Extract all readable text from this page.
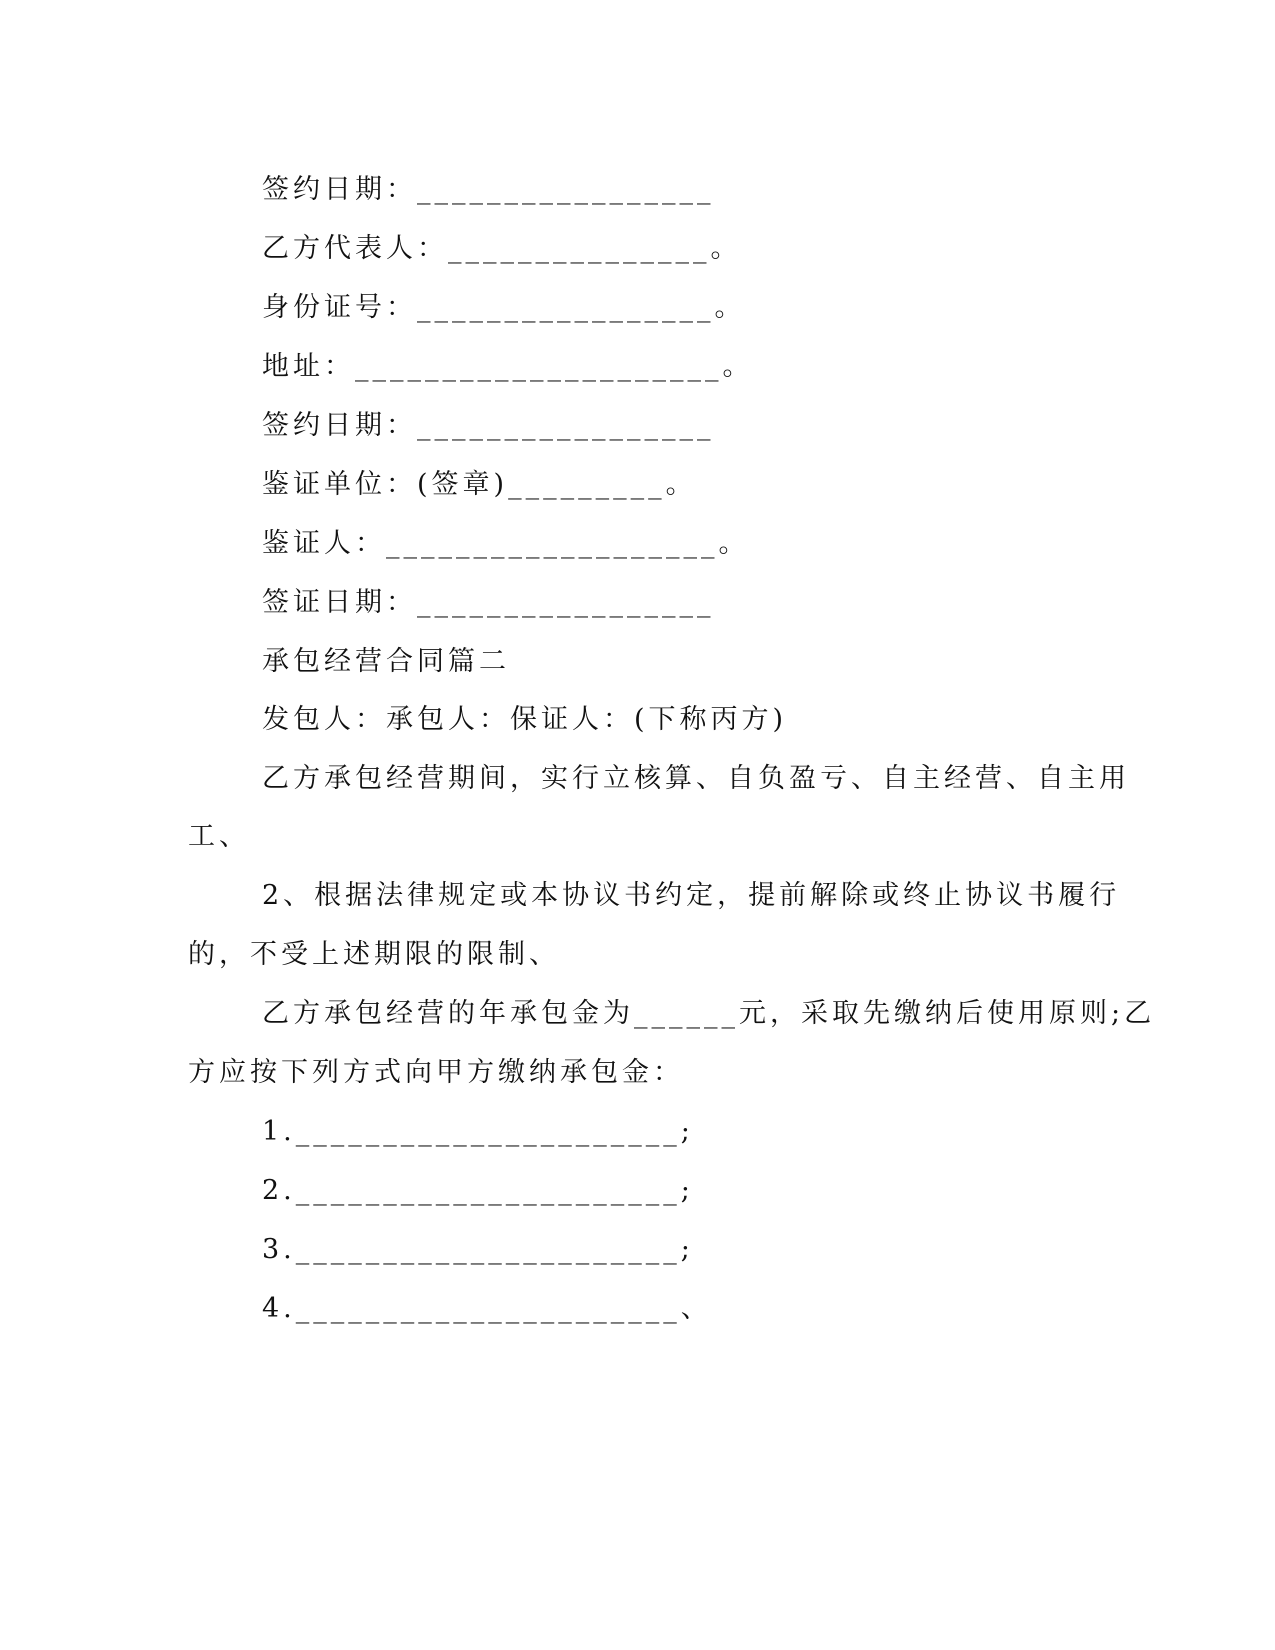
签约日期：_________________
乙方代表人：_______________。
身份证号：_________________。
地址：_____________________。
签约日期：_________________
鉴证单位：(签章)_________。
鉴证人：___________________。
签证日期：_________________
承包经营合同篇二
发包人：承包人：保证人：(下称丙方)
乙方承包经营期间，实行立核算、自负盈亏、自主经营、自主用
工、
2、根据法律规定或本协议书约定，提前解除或终止协议书履行
的，不受上述期限的限制、
乙方承包经营的年承包金为______元，采取先缴纳后使用原则;乙
方应按下列方式向甲方缴纳承包金：
1.______________________;
2.______________________;
3.______________________;
4.______________________、
